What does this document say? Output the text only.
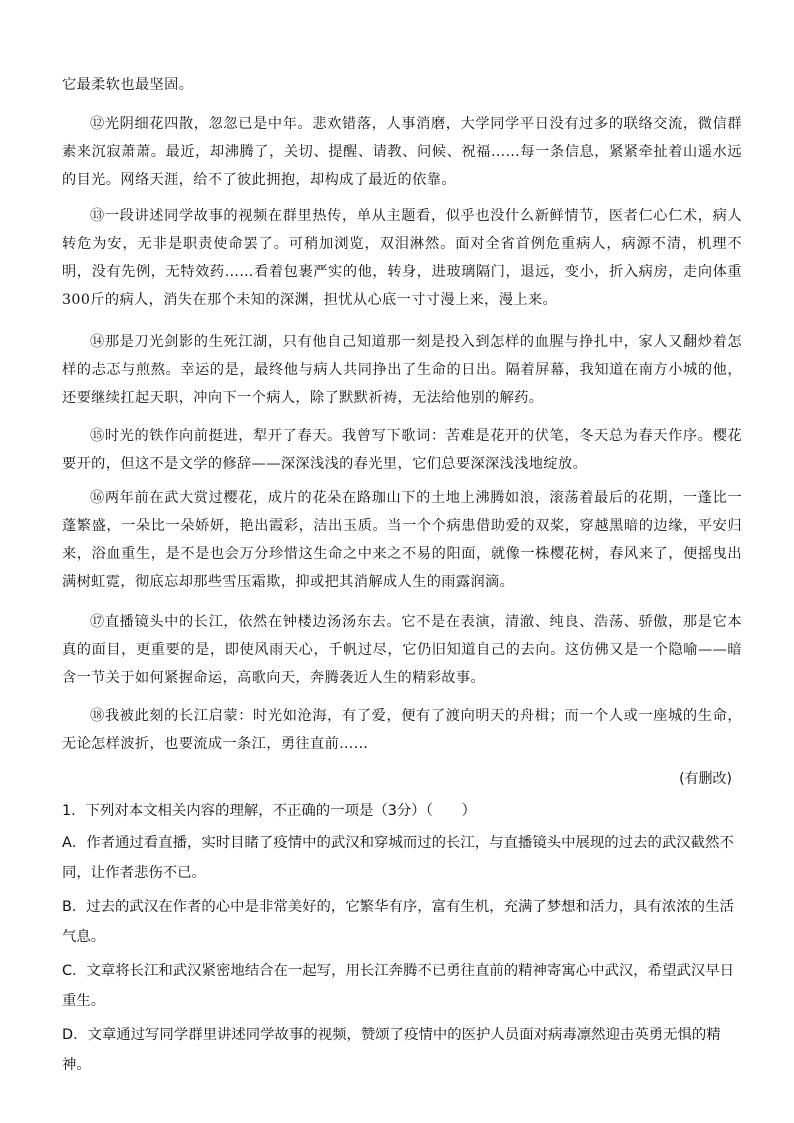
它最柔软也最坚固。
⑫光阴细花四散，忽忽已是中年。悲欢错落，人事消磨，大学同学平日没有过多的联络交流，微信群素来沉寂萧萧。最近，却沸腾了，关切、提醒、请教、问候、祝福……每一条信息，紧紧牵扯着山遥水远的目光。网络天涯，给不了彼此拥抱，却构成了最近的依靠。
⑬一段讲述同学故事的视频在群里热传，单从主题看，似乎也没什么新鲜情节，医者仁心仁术，病人转危为安，无非是职责使命罢了。可稍加浏览，双泪淋然。面对全省首例危重病人，病源不清，机理不明，没有先例，无特效药……看着包裹严实的他，转身，进玻璃隔门，退远，变小，折入病房，走向体重300斤的病人，消失在那个未知的深渊，担忧从心底一寸寸漫上来，漫上来。
⑭那是刀光剑影的生死江湖，只有他自己知道那一刻是投入到怎样的血腥与挣扎中，家人又翻炒着怎样的忐忑与煎熬。幸运的是，最终他与病人共同挣出了生命的日出。隔着屏幕，我知道在南方小城的他，还要继续扛起天职，冲向下一个病人，除了默默祈祷，无法给他别的解药。
⑮时光的铁作向前挺进，犁开了春天。我曾写下歌词：苦难是花开的伏笔，冬天总为春天作序。樱花要开的，但这不是文学的修辞——深深浅浅的春光里，它们总要深深浅浅地绽放。
⑯两年前在武大赏过樱花，成片的花朵在路珈山下的土地上沸腾如浪，滚荡着最后的花期，一蓬比一蓬繁盛，一朵比一朵娇妍，艳出霞彩，洁出玉质。当一个个病患借助爱的双桨，穿越黑暗的边缘，平安归来，浴血重生，是不是也会万分珍惜这生命之中来之不易的阳面，就像一株樱花树，春风来了，便摇曳出满树虹霓，彻底忘却那些雪压霜欺，抑或把其消解成人生的雨露润滴。
⑰直播镜头中的长江，依然在钟楼边汤汤东去。它不是在表演，清澈、纯良、浩荡、骄傲，那是它本真的面目，更重要的是，即使风雨天心，千帆过尽，它仍旧知道自己的去向。这仿佛又是一个隐喻——暗含一节关于如何紧握命运，高歌向天，奔腾袭近人生的精彩故事。
⑱我被此刻的长江启蒙：时光如沧海，有了爱，便有了渡向明天的舟楫；而一个人或一座城的生命，无论怎样波折，也要流成一条江，勇往直前……
(有删改)
1．下列对本文相关内容的理解，不正确的一项是（3分）（　　）
A．作者通过看直播，实时目睹了疫情中的武汉和穿城而过的长江，与直播镜头中展现的过去的武汉截然不同，让作者悲伤不已。
B．过去的武汉在作者的心中是非常美好的，它繁华有序，富有生机，充满了梦想和活力，具有浓浓的生活气息。
C．文章将长江和武汉紧密地结合在一起写，用长江奔腾不已勇往直前的精神寄寓心中武汉，希望武汉早日重生。
D．文章通过写同学群里讲述同学故事的视频，赞颂了疫情中的医护人员面对病毒凛然迎击英勇无惧的精神。
